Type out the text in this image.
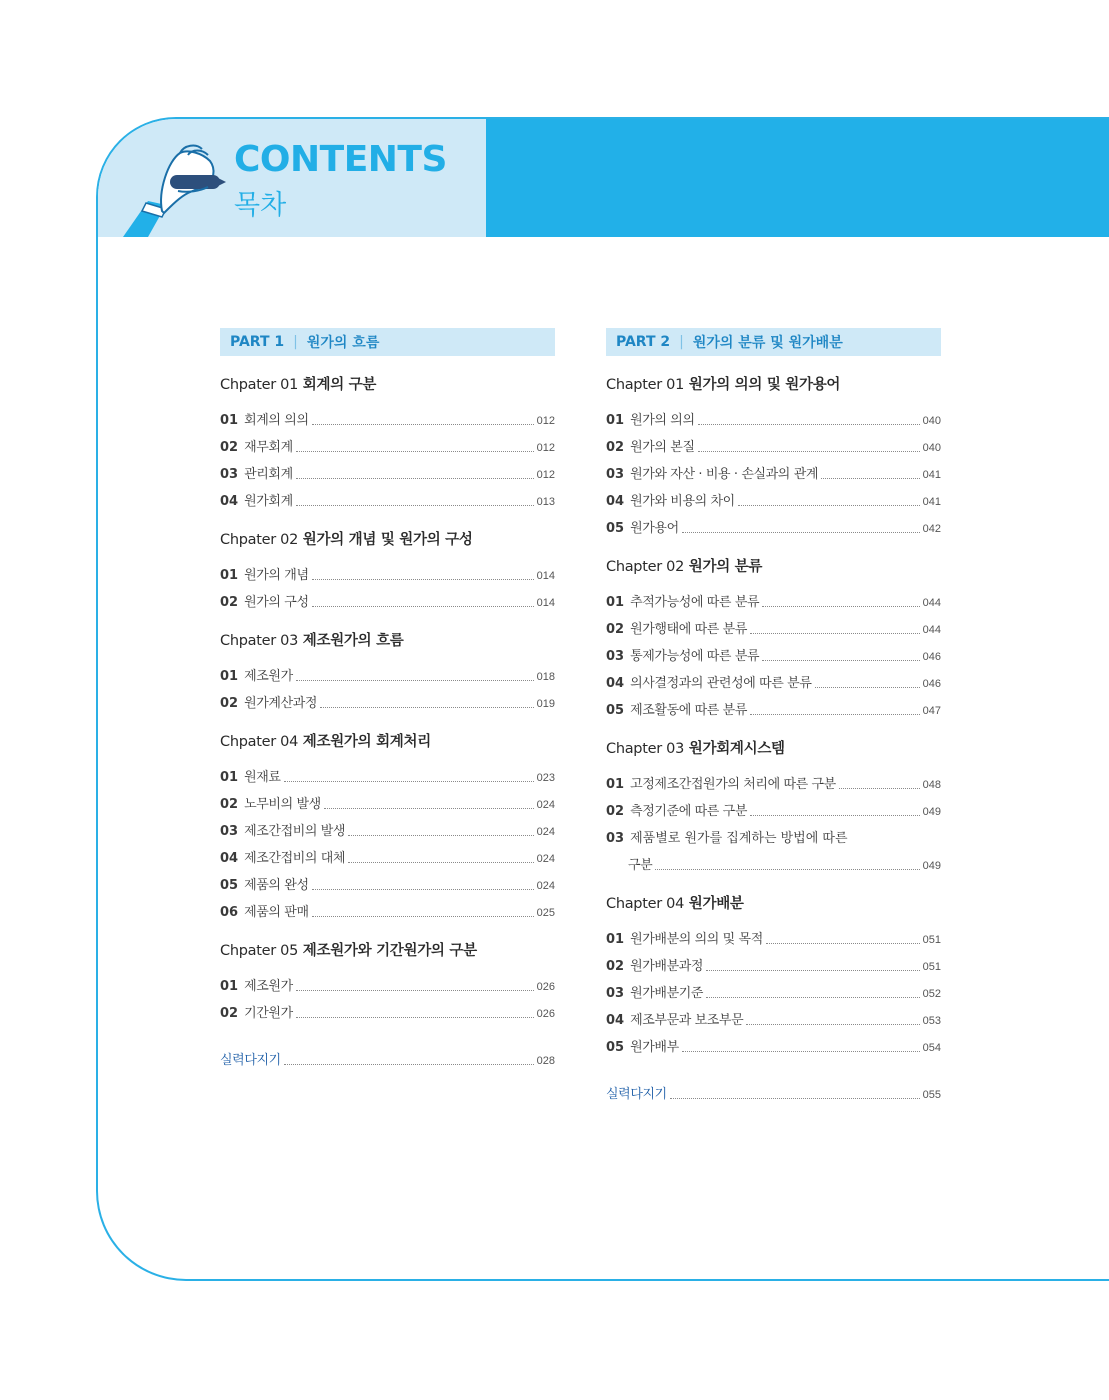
CONTENTS

목차

PART 1 | 원가의 흐름
Chpater 01 회계의 구분
01 회계의 의의	012
02 재무회계	012
03 관리회계	012
04 원가회계	013
Chpater 02 원가의 개념 및 원가의 구성
01 원가의 개념	014
02 원가의 구성	014
Chpater 03 제조원가의 흐름
01 제조원가	018
02 원가계산과정	019
Chpater 04 제조원가의 회계처리
01 원재료	023
02 노무비의 발생	024
03 제조간접비의 발생	024
04 제조간접비의 대체	024
05 제품의 완성	024
06 제품의 판매	025
Chpater 05 제조원가와 기간원가의 구분
01 제조원가	026
02 기간원가	026
실력다지기	028
PART 2 | 원가의 분류 및 원가배분
Chapter 01 원가의 의의 및 원가용어
01 원가의 의의	040
02 원가의 본질	040
03 원가와 자산 · 비용 · 손실과의 관계	041
04 원가와 비용의 차이	041
05 원가용어	042
Chapter 02 원가의 분류
01 추적가능성에 따른 분류	044
02 원가행태에 따른 분류	044
03 통제가능성에 따른 분류	046
04 의사결정과의 관련성에 따른 분류	046
05 제조활동에 따른 분류	047
Chapter 03 원가회계시스템
01 고정제조간접원가의 처리에 따른 구분	048
02 측정기준에 따른 구분	049
03 제품별로 원가를 집계하는 방법에 따른
구분	049
Chapter 04 원가배분
01 원가배분의 의의 및 목적	051
02 원가배분과정	051
03 원가배분기준	052
04 제조부문과 보조부문	053
05 원가배부	054
실력다지기	055
